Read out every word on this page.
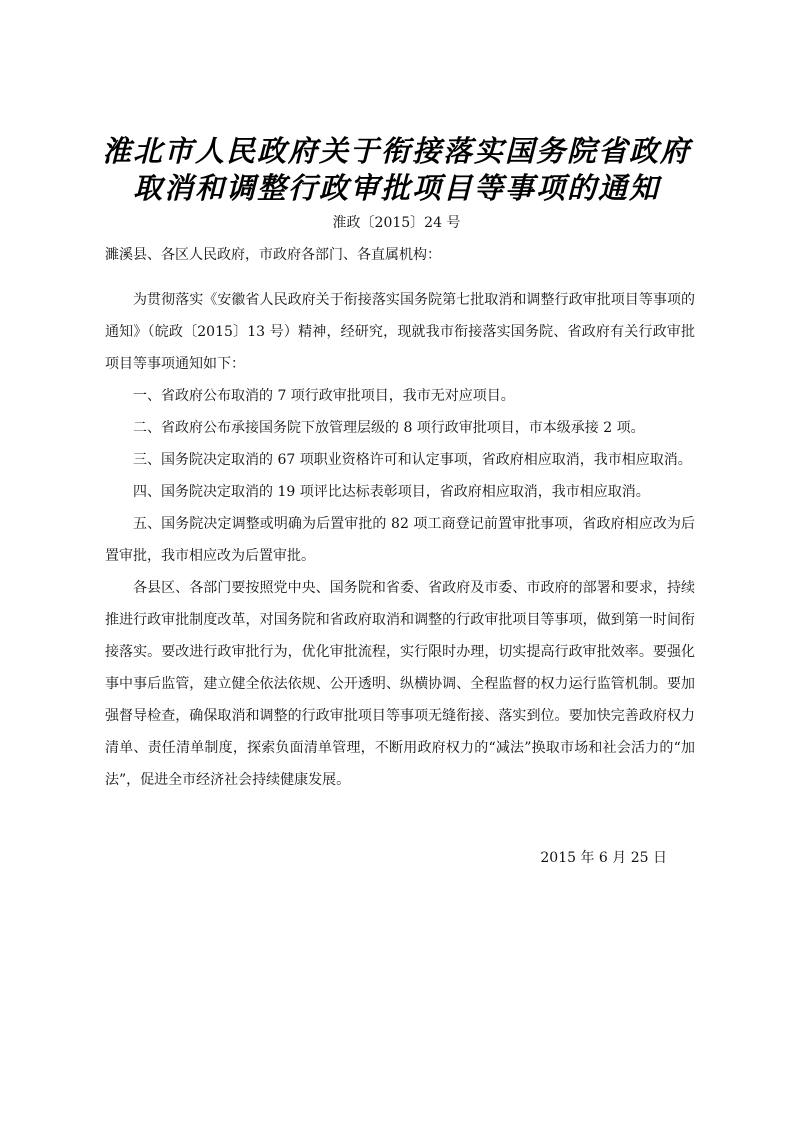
淮北市人民政府关于衔接落实国务院省政府
取消和调整行政审批项目等事项的通知
淮政〔2015〕24 号

濉溪县、各区人民政府，市政府各部门、各直属机构：

为贯彻落实《安徽省人民政府关于衔接落实国务院第七批取消和调整行政审批项目等事项的通知》（皖政〔2015〕13 号）精神，经研究，现就我市衔接落实国务院、省政府有关行政审批项目等事项通知如下：

一、省政府公布取消的 7 项行政审批项目，我市无对应项目。

二、省政府公布承接国务院下放管理层级的 8 项行政审批项目，市本级承接 2 项。

三、国务院决定取消的 67 项职业资格许可和认定事项，省政府相应取消，我市相应取消。

四、国务院决定取消的 19 项评比达标表彰项目，省政府相应取消，我市相应取消。

五、国务院决定调整或明确为后置审批的 82 项工商登记前置审批事项，省政府相应改为后置审批，我市相应改为后置审批。

各县区、各部门要按照党中央、国务院和省委、省政府及市委、市政府的部署和要求，持续推进行政审批制度改革，对国务院和省政府取消和调整的行政审批项目等事项，做到第一时间衔接落实。要改进行政审批行为，优化审批流程，实行限时办理，切实提高行政审批效率。要强化事中事后监管，建立健全依法依规、公开透明、纵横协调、全程监督的权力运行监管机制。要加强督导检查，确保取消和调整的行政审批项目等事项无缝衔接、落实到位。要加快完善政府权力清单、责任清单制度，探索负面清单管理，不断用政府权力的“减法”换取市场和社会活力的“加法”，促进全市经济社会持续健康发展。

2015 年 6 月 25 日
